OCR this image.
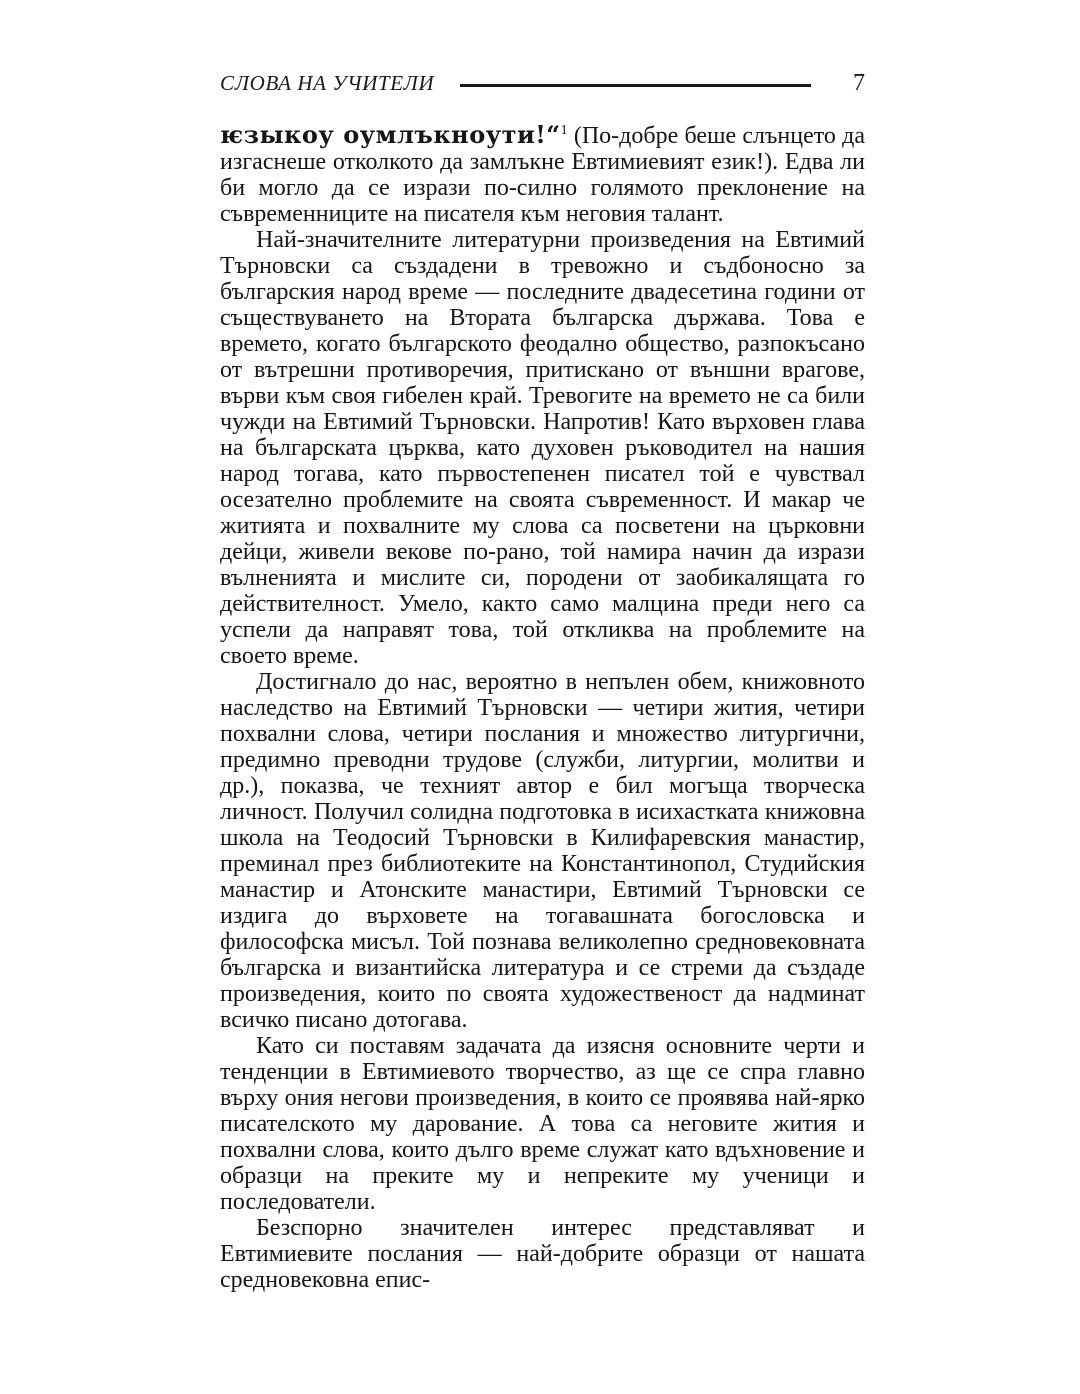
СЛОВА НА УЧИТЕЛИ	7

ѥзыкоу оумлъкноути!“$^1$ (По-добре беше слънцето да изгаснеше отколкото да замлъкне Евтимиевият език!). Едва ли би могло да се изрази по-силно голямото преклонение на съвременниците на писателя към неговия талант.

Най-значителните литературни произведения на Евтимий Търновски са създадени в тревожно и съдбоносно за българския народ време — последните двадесетина години от съществуването на Втората българска държава. Това е времето, когато българското феодално общество, разпокъсано от вътрешни противоречия, притискано от външни врагове, върви към своя гибелен край. Тревогите на времето не са били чужди на Евтимий Търновски. Напротив! Като върховен глава на българската църква, като духовен ръководител на нашия народ тогава, като първостепенен писател той е чувствал осезателно проблемите на своята съвременност. И макар че житията и похвалните му слова са посветени на църковни дейци, живели векове по-рано, той намира начин да изрази вълненията и мислите си, породени от заобикалящата го действителност. Умело, както само малцина преди него са успели да направят това, той откликва на проблемите на своето време.

Достигнало до нас, вероятно в непълен обем, книжовното наследство на Евтимий Търновски — четири жития, четири похвални слова, четири послания и множество литургични, предимно преводни трудове (служби, литургии, молитви и др.), показва, че техният автор е бил могъща творческа личност. Получил солидна подготовка в исихастката книжовна школа на Теодосий Търновски в Килифаревския манастир, преминал през библиотеките на Константинопол, Студийския манастир и Атонските манастири, Евтимий Търновски се издига до върховете на тогавашната богословска и философска мисъл. Той познава великолепно средновековната българска и византийска литература и се стреми да създаде произведения, които по своята художественост да надминат всичко писано дотогава.

Като си поставям задачата да изясня основните черти и тенденции в Евтимиевото творчество, аз ще се спра главно върху ония негови произведения, в които се проявява най-ярко писателското му дарование. А това са неговите жития и похвални слова, които дълго време служат като вдъхновение и образци на преките му и непреките му ученици и последователи.

Безспорно значителен интерес представляват и Евтимиевите послания — най-добрите образци от нашата средновековна епис-
